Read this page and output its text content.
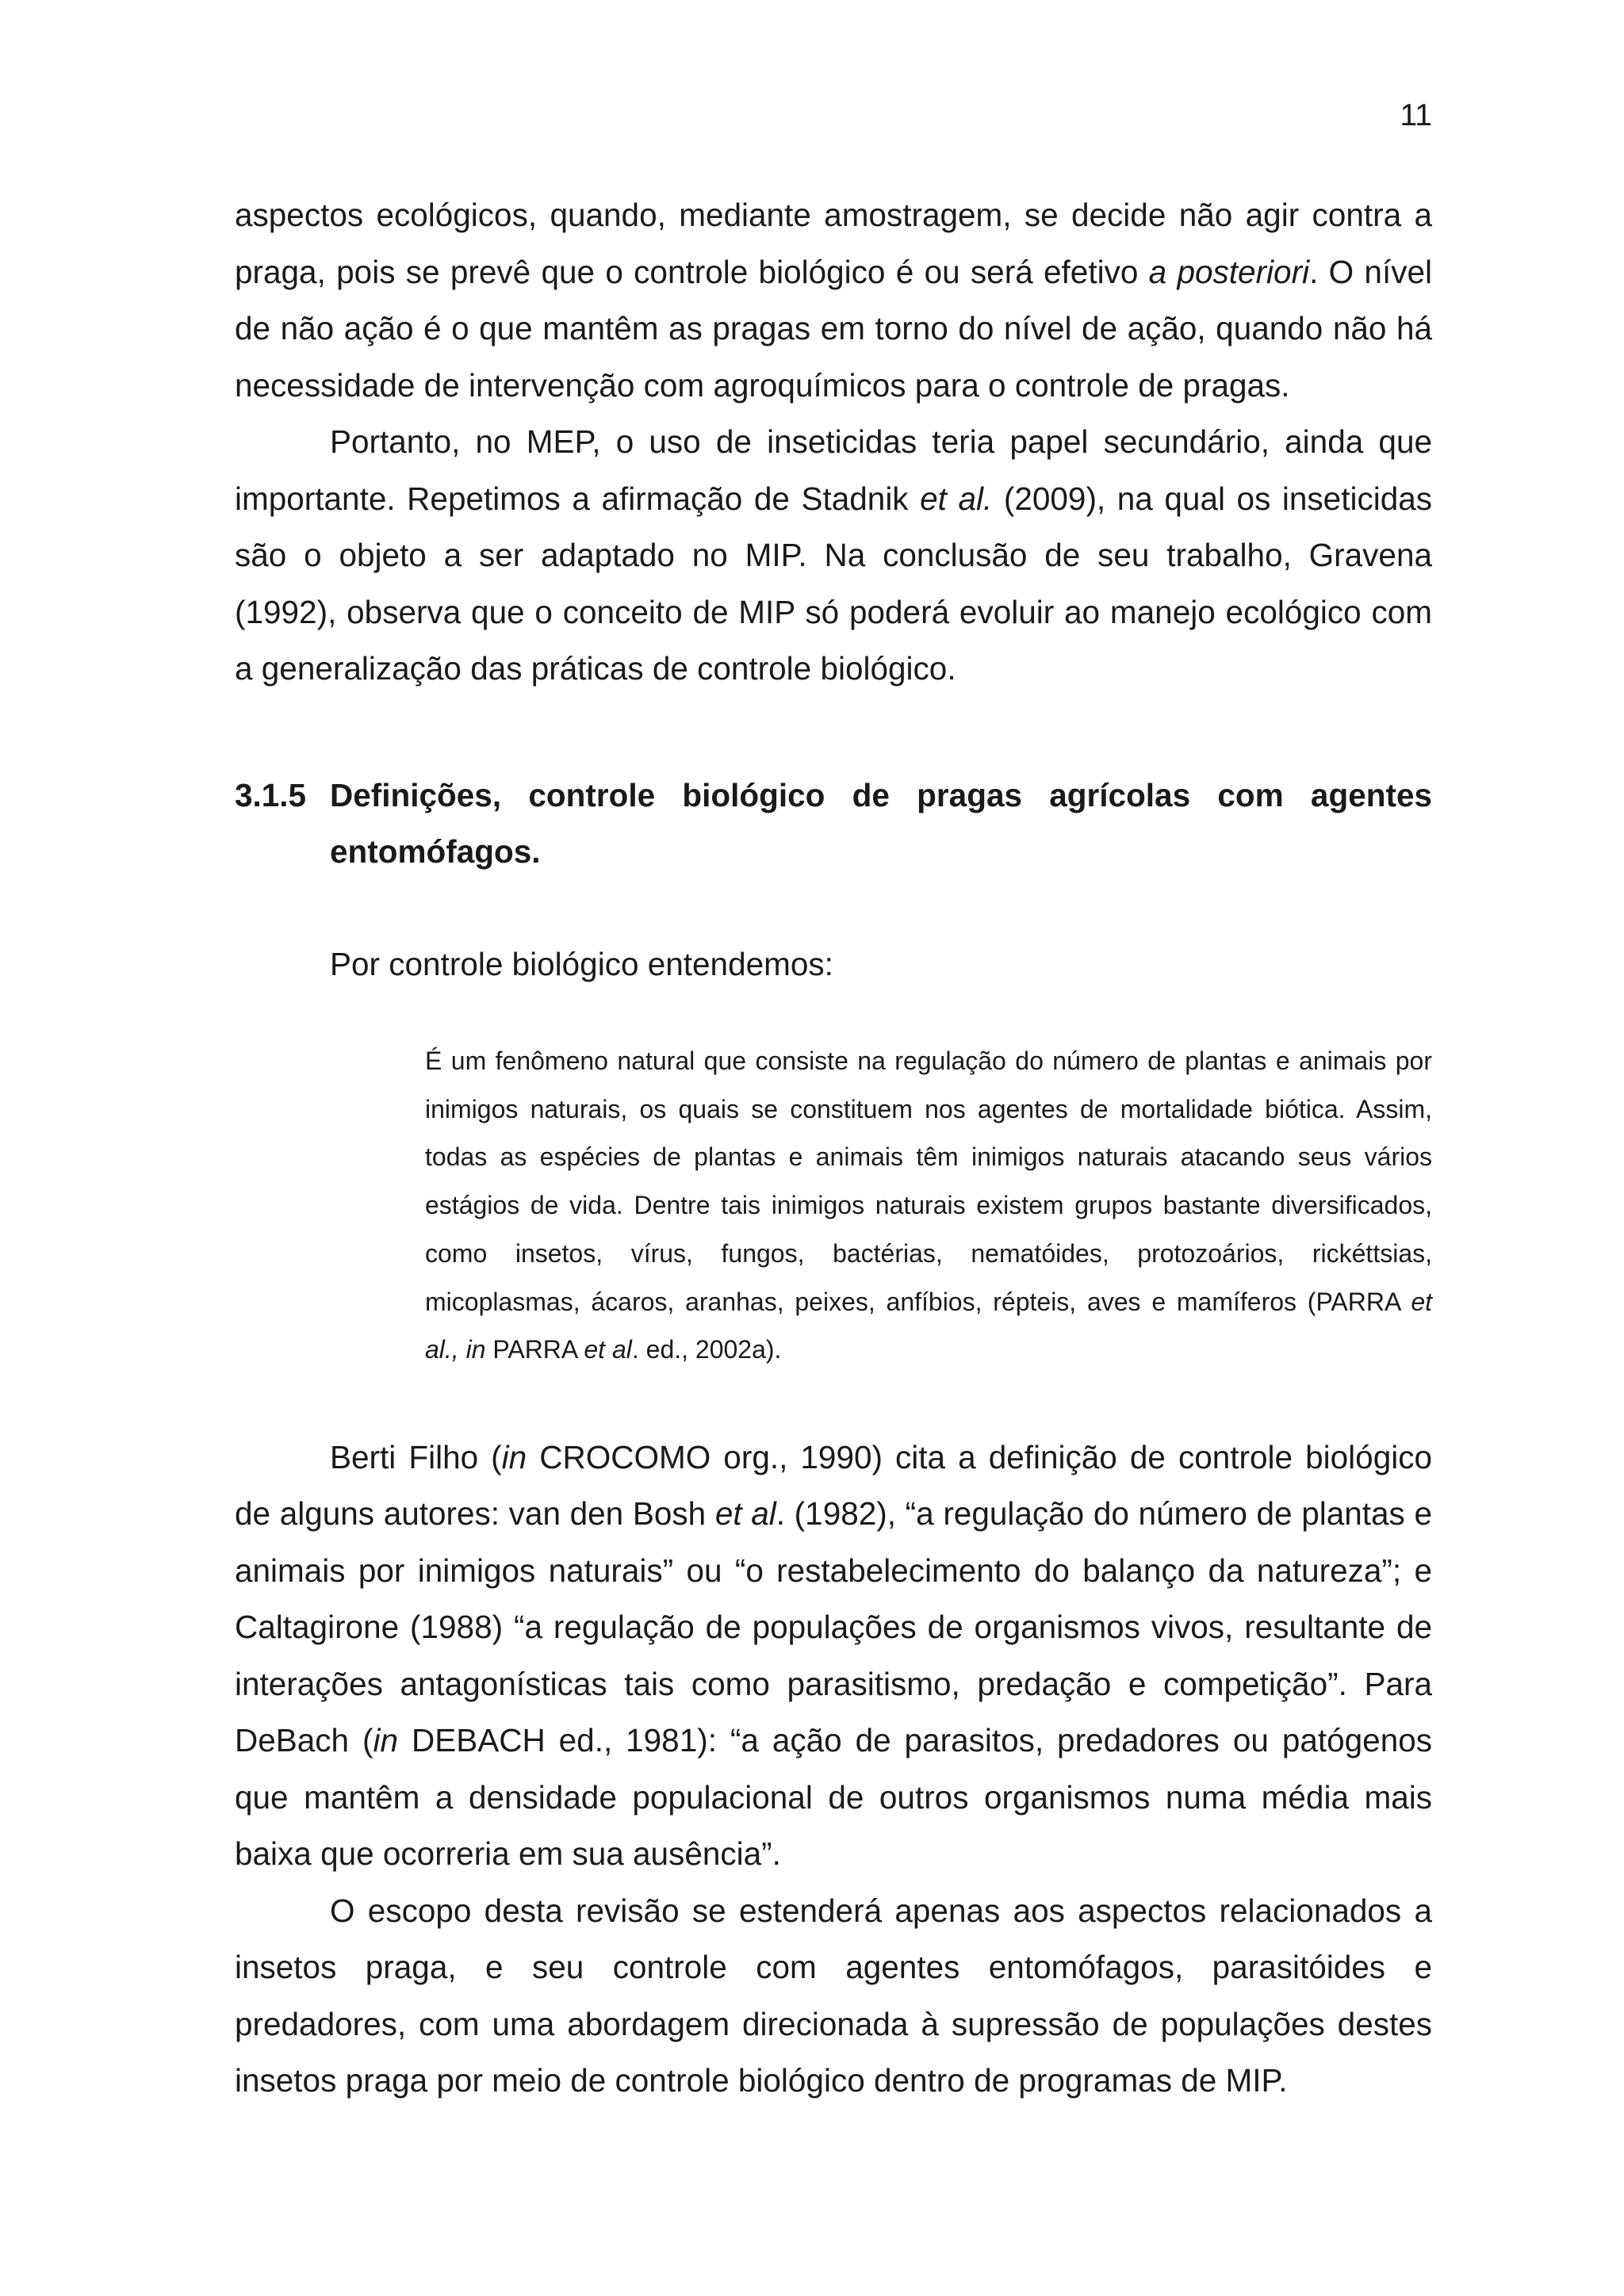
11

aspectos ecológicos, quando, mediante amostragem, se decide não agir contra a praga, pois se prevê que o controle biológico é ou será efetivo a posteriori. O nível de não ação é o que mantêm as pragas em torno do nível de ação, quando não há necessidade de intervenção com agroquímicos para o controle de pragas.

Portanto, no MEP, o uso de inseticidas teria papel secundário, ainda que importante. Repetimos a afirmação de Stadnik et al. (2009), na qual os inseticidas são o objeto a ser adaptado no MIP. Na conclusão de seu trabalho, Gravena (1992), observa que o conceito de MIP só poderá evoluir ao manejo ecológico com a generalização das práticas de controle biológico.

3.1.5 Definições, controle biológico de pragas agrícolas com agentes entomófagos.

Por controle biológico entendemos:

É um fenômeno natural que consiste na regulação do número de plantas e animais por inimigos naturais, os quais se constituem nos agentes de mortalidade biótica. Assim, todas as espécies de plantas e animais têm inimigos naturais atacando seus vários estágios de vida. Dentre tais inimigos naturais existem grupos bastante diversificados, como insetos, vírus, fungos, bactérias, nematóides, protozoários, rickéttsias, micoplasmas, ácaros, aranhas, peixes, anfíbios, répteis, aves e mamíferos (PARRA et al., in PARRA et al. ed., 2002a).

Berti Filho (in CROCOMO org., 1990) cita a definição de controle biológico de alguns autores: van den Bosh et al. (1982), “a regulação do número de plantas e animais por inimigos naturais” ou “o restabelecimento do balanço da natureza”; e Caltagirone (1988) “a regulação de populações de organismos vivos, resultante de interações antagonísticas tais como parasitismo, predação e competição”. Para DeBach (in DEBACH ed., 1981): “a ação de parasitos, predadores ou patógenos que mantêm a densidade populacional de outros organismos numa média mais baixa que ocorreria em sua ausência”.

O escopo desta revisão se estenderá apenas aos aspectos relacionados a insetos praga, e seu controle com agentes entomófagos, parasitóides e predadores, com uma abordagem direcionada à supressão de populações destes insetos praga por meio de controle biológico dentro de programas de MIP.
